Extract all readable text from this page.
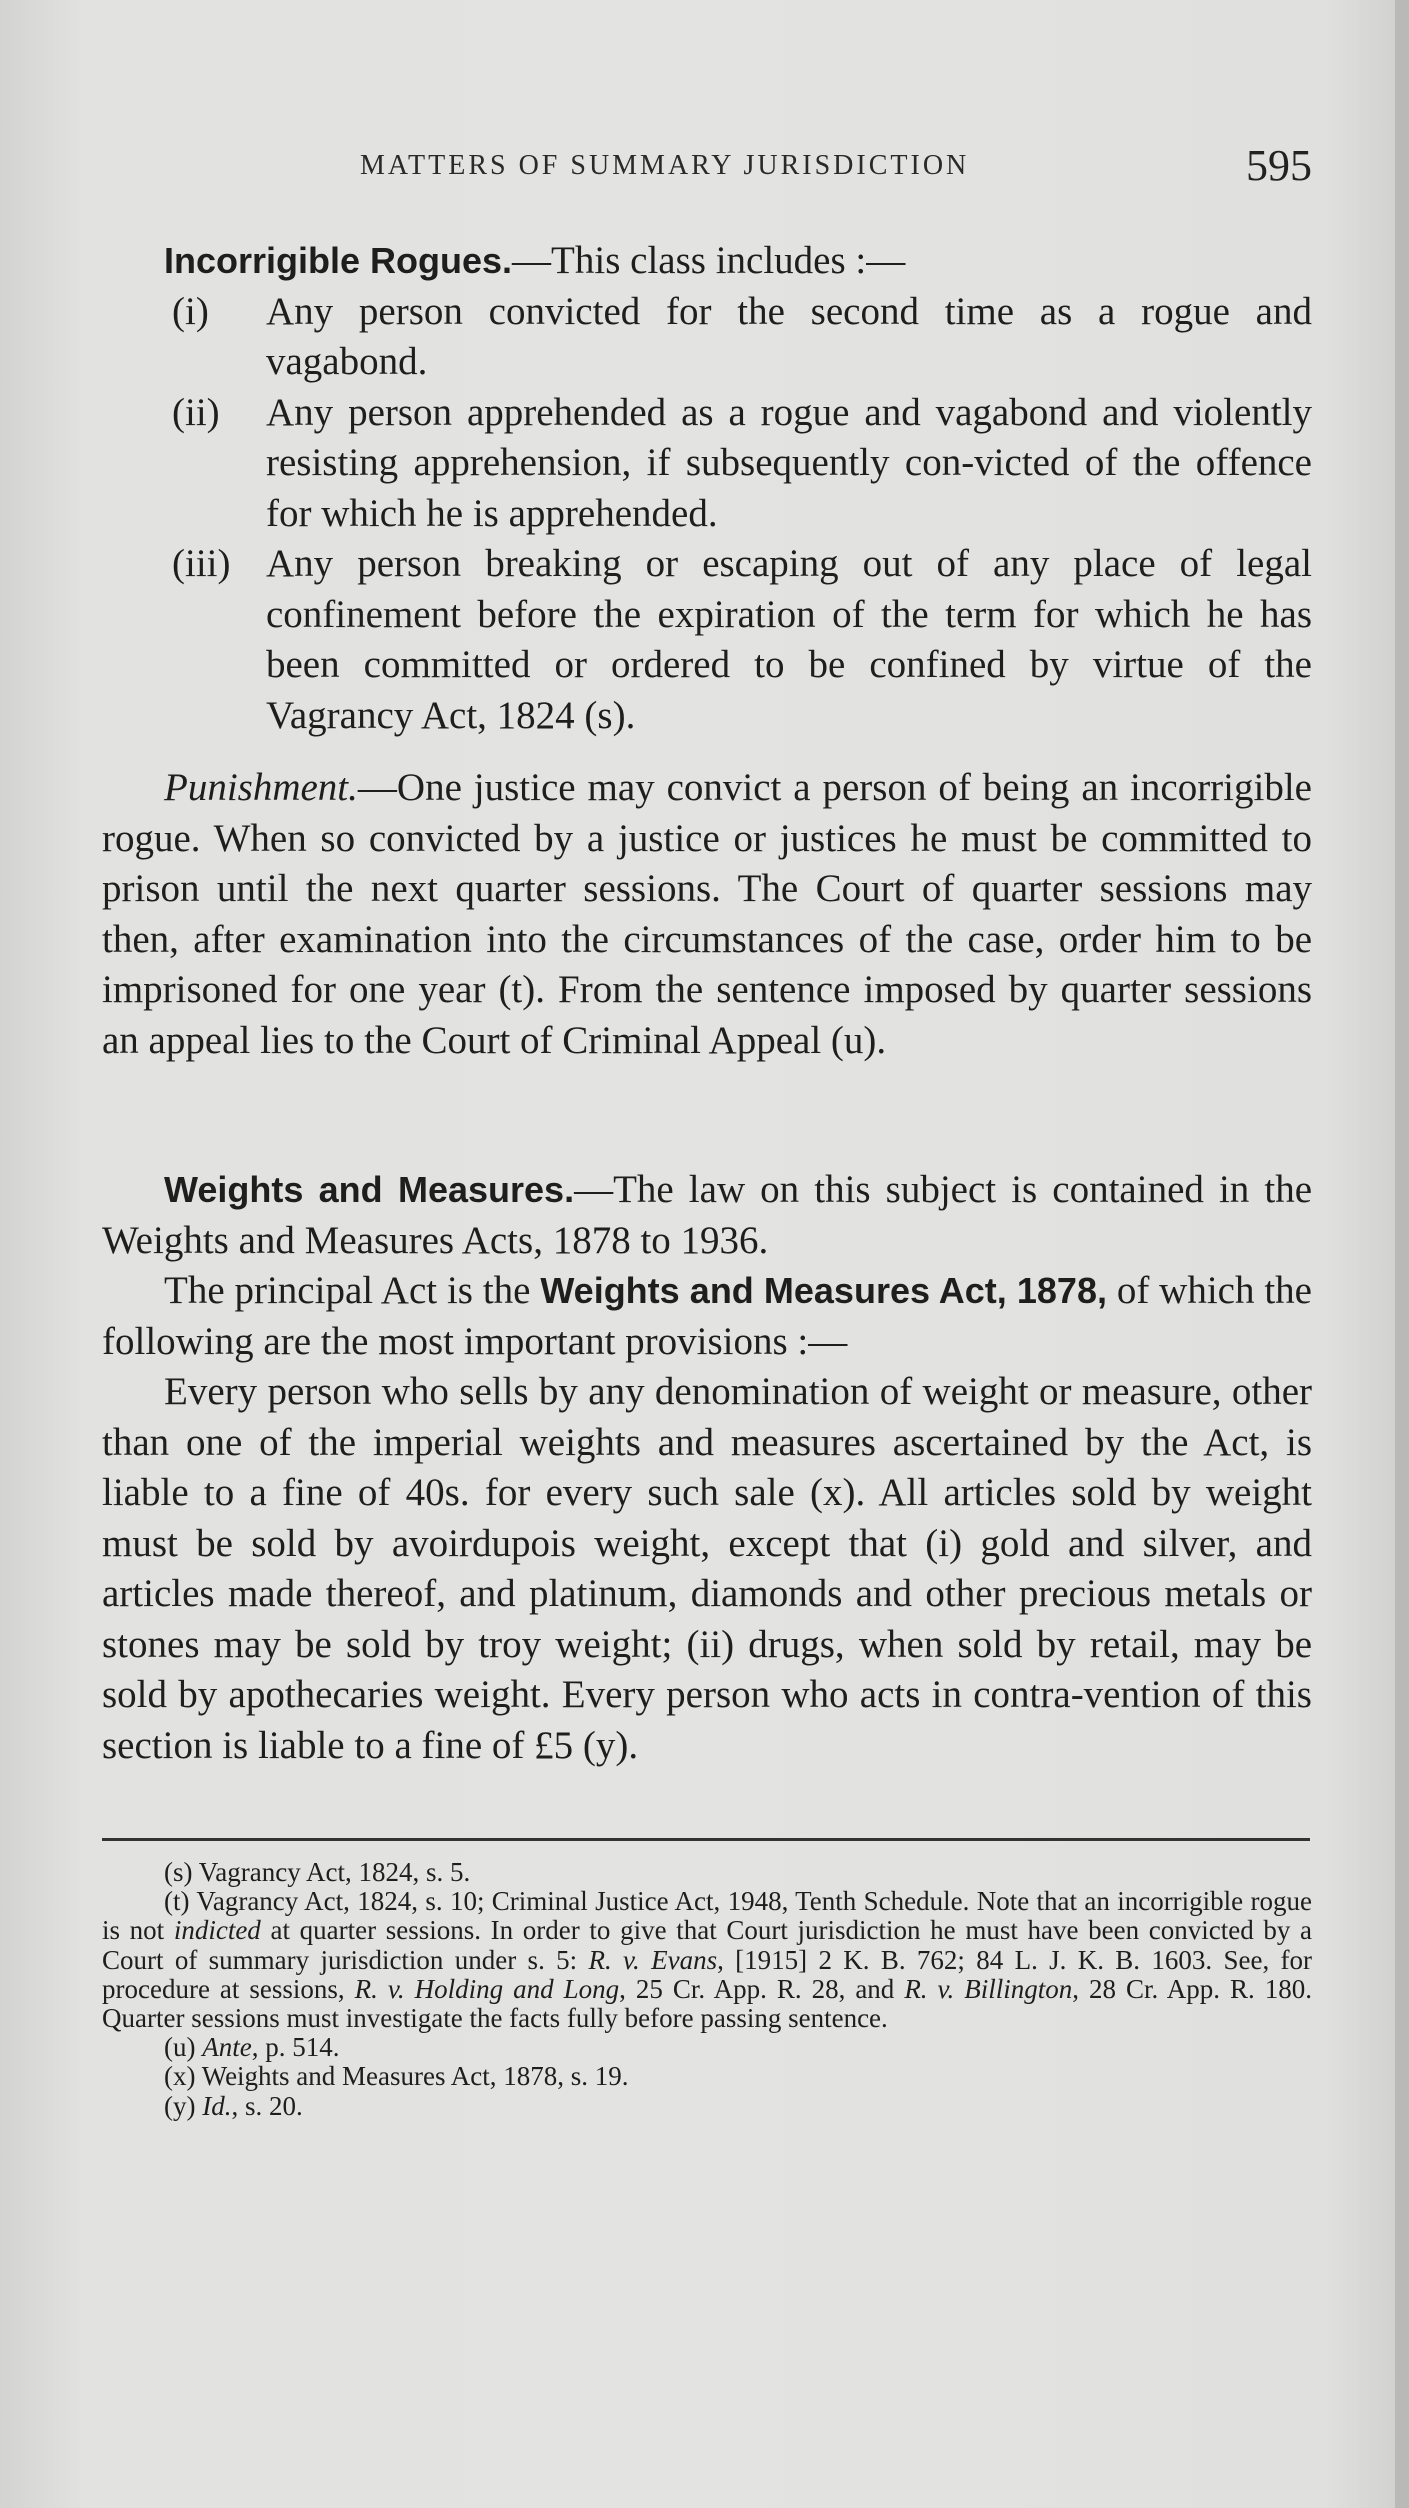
MATTERS OF SUMMARY JURISDICTION	595

Incorrigible Rogues.—This class includes :—

(i) Any person convicted for the second time as a rogue and vagabond.
(ii) Any person apprehended as a rogue and vagabond and violently resisting apprehension, if subsequently con-victed of the offence for which he is apprehended.
(iii) Any person breaking or escaping out of any place of legal confinement before the expiration of the term for which he has been committed or ordered to be confined by virtue of the Vagrancy Act, 1824 (s).

Punishment.—One justice may convict a person of being an incorrigible rogue. When so convicted by a justice or justices he must be committed to prison until the next quarter sessions. The Court of quarter sessions may then, after examination into the circumstances of the case, order him to be imprisoned for one year (t). From the sentence imposed by quarter sessions an appeal lies to the Court of Criminal Appeal (u).

Weights and Measures.—The law on this subject is contained in the Weights and Measures Acts, 1878 to 1936.

The principal Act is the Weights and Measures Act, 1878, of which the following are the most important provisions :—

Every person who sells by any denomination of weight or measure, other than one of the imperial weights and measures ascertained by the Act, is liable to a fine of 40s. for every such sale (x). All articles sold by weight must be sold by avoirdupois weight, except that (i) gold and silver, and articles made thereof, and platinum, diamonds and other precious metals or stones may be sold by troy weight; (ii) drugs, when sold by retail, may be sold by apothecaries weight. Every person who acts in contra-vention of this section is liable to a fine of £5 (y).

(s) Vagrancy Act, 1824, s. 5.

(t) Vagrancy Act, 1824, s. 10; Criminal Justice Act, 1948, Tenth Schedule. Note that an incorrigible rogue is not indicted at quarter sessions. In order to give that Court jurisdiction he must have been convicted by a Court of summary jurisdiction under s. 5: R. v. Evans, [1915] 2 K. B. 762; 84 L. J. K. B. 1603. See, for procedure at sessions, R. v. Holding and Long, 25 Cr. App. R. 28, and R. v. Billington, 28 Cr. App. R. 180. Quarter sessions must investigate the facts fully before passing sentence.

(u) Ante, p. 514.

(x) Weights and Measures Act, 1878, s. 19.

(y) Id., s. 20.
